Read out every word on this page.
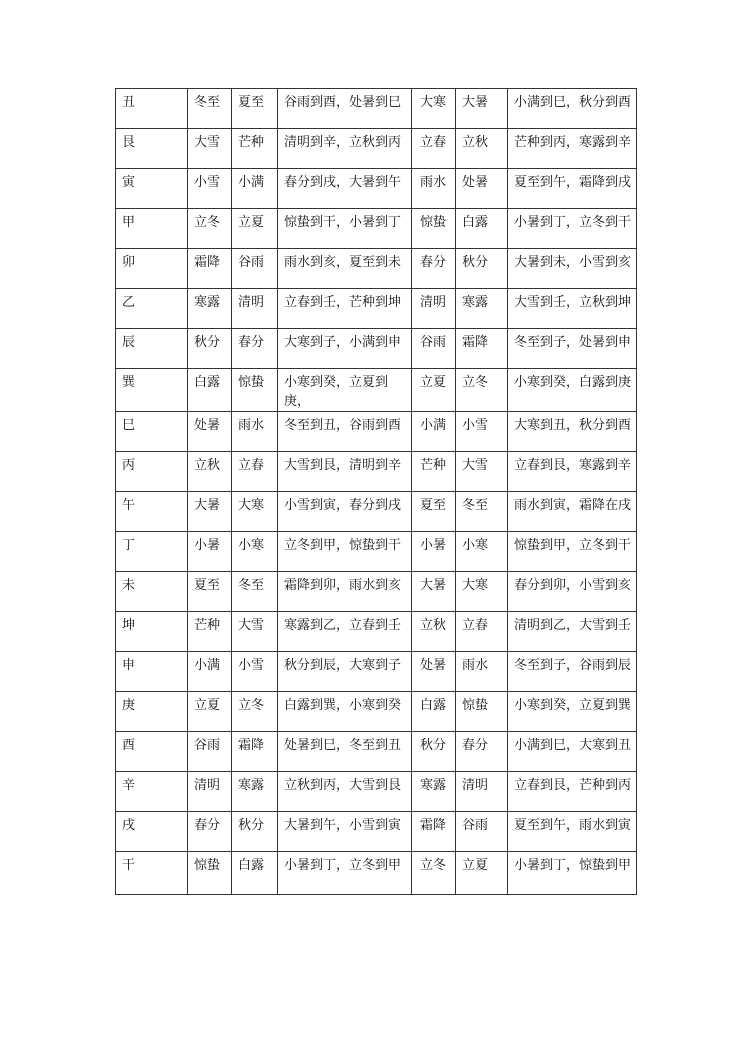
丑	冬至	夏至	谷雨到酉，处暑到巳	大寒	大暑	小满到巳，秋分到酉
艮	大雪	芒种	清明到辛，立秋到丙	立春	立秋	芒种到丙，寒露到辛
寅	小雪	小满	春分到戌，大暑到午	雨水	处暑	夏至到午，霜降到戌
甲	立冬	立夏	惊蛰到干，小暑到丁	惊蛰	白露	小暑到丁，立冬到干
卯	霜降	谷雨	雨水到亥，夏至到未	春分	秋分	大暑到未，小雪到亥
乙	寒露	清明	立春到壬，芒种到坤	清明	寒露	大雪到壬，立秋到坤
辰	秋分	春分	大寒到子，小满到申	谷雨	霜降	冬至到子，处暑到申
巽	白露	惊蛰	小寒到癸，立夏到庚，	立夏	立冬	小寒到癸，白露到庚
巳	处暑	雨水	冬至到丑，谷雨到酉	小满	小雪	大寒到丑，秋分到酉
丙	立秋	立春	大雪到艮，清明到辛	芒种	大雪	立春到艮，寒露到辛
午	大暑	大寒	小雪到寅，春分到戌	夏至	冬至	雨水到寅，霜降在戌
丁	小暑	小寒	立冬到甲，惊蛰到干	小暑	小寒	惊蛰到甲，立冬到干
未	夏至	冬至	霜降到卯，雨水到亥	大暑	大寒	春分到卯，小雪到亥
坤	芒种	大雪	寒露到乙，立春到壬	立秋	立春	清明到乙，大雪到壬
申	小满	小雪	秋分到辰，大寒到子	处暑	雨水	冬至到子，谷雨到辰
庚	立夏	立冬	白露到巽，小寒到癸	白露	惊蛰	小寒到癸，立夏到巽
酉	谷雨	霜降	处暑到巳，冬至到丑	秋分	春分	小满到巳，大寒到丑
辛	清明	寒露	立秋到丙，大雪到艮	寒露	清明	立春到艮，芒种到丙
戌	春分	秋分	大暑到午，小雪到寅	霜降	谷雨	夏至到午，雨水到寅
干	惊蛰	白露	小暑到丁，立冬到甲	立冬	立夏	小暑到丁，惊蛰到甲
